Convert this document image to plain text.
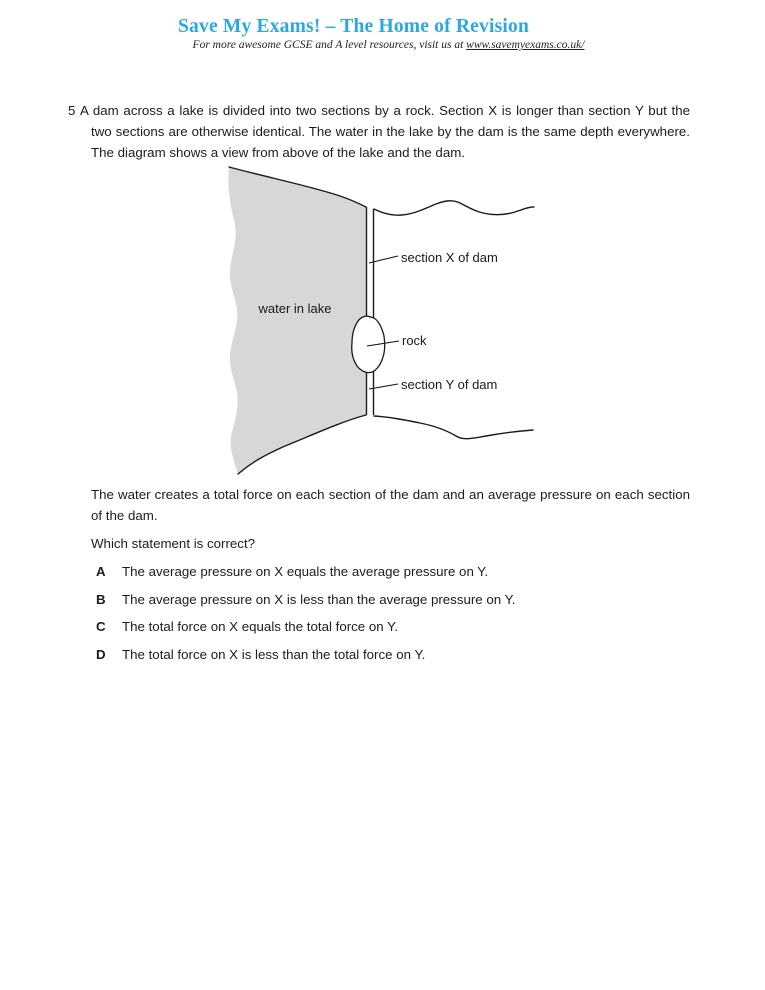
Save My Exams! – The Home of Revision
For more awesome GCSE and A level resources, visit us at www.savemyexams.co.uk/
5 A dam across a lake is divided into two sections by a rock. Section X is longer than section Y but the two sections are otherwise identical. The water in the lake by the dam is the same depth everywhere. The diagram shows a view from above of the lake and the dam.
water in lake
section X of dam
rock
section Y of dam
The water creates a total force on each section of the dam and an average pressure on each section of the dam.
Which statement is correct?
A The average pressure on X equals the average pressure on Y.
B The average pressure on X is less than the average pressure on Y.
C The total force on X equals the total force on Y.
D The total force on X is less than the total force on Y.
